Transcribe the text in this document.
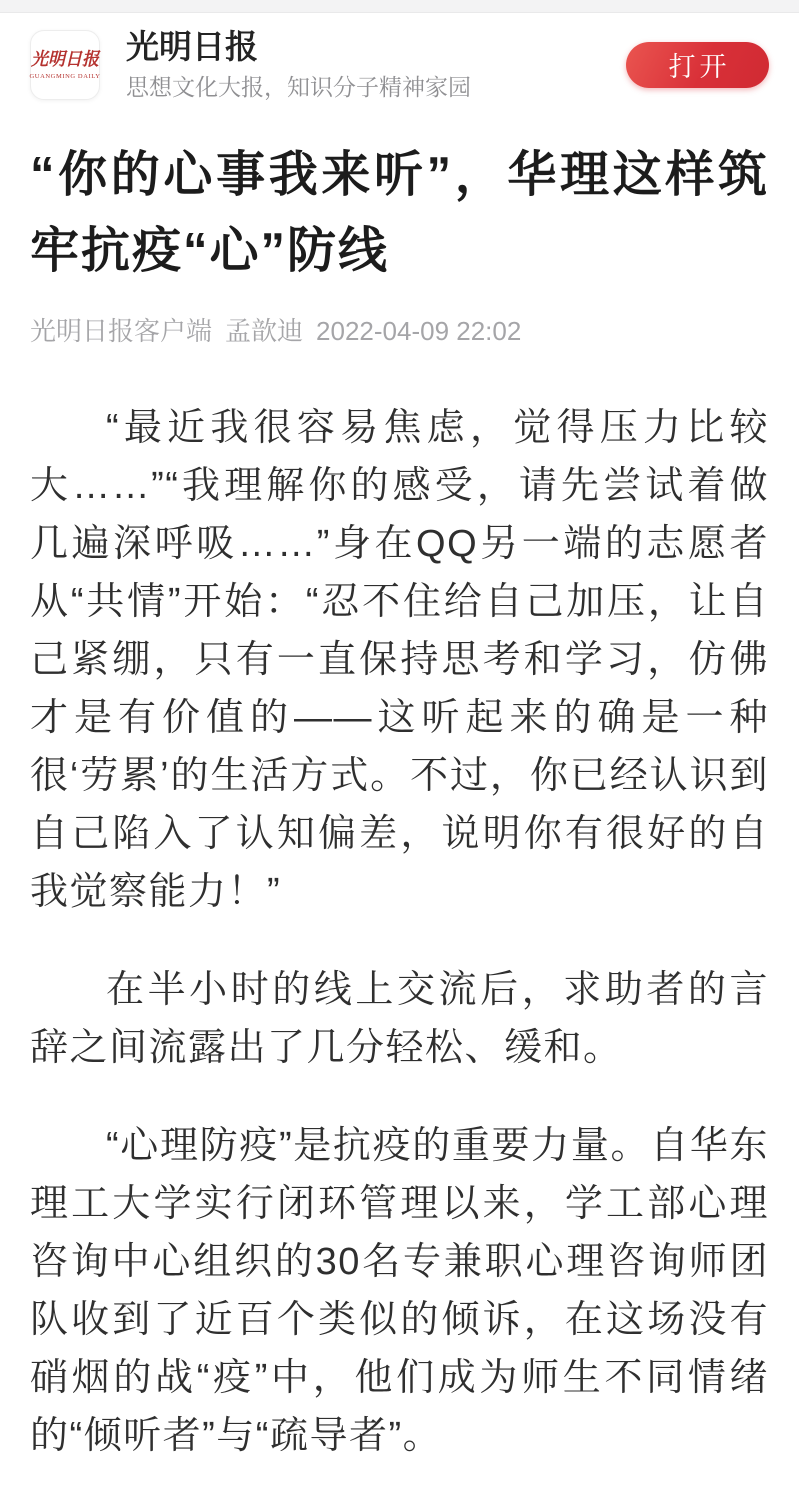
光明日报
GUANGMING DAILY
光明日报
思想文化大报，知识分子精神家园
打开
“你的心事我来听”，华理这样筑牢抗疫“心”防线
光明日报客户端 孟歆迪 2022-04-09 22:02

“最近我很容易焦虑，觉得压力比较大……”“我理解你的感受，请先尝试着做几遍深呼吸……”身在QQ另一端的志愿者从“共情”开始：“忍不住给自己加压，让自己紧绷，只有一直保持思考和学习，仿佛才是有价值的——这听起来的确是一种很‘劳累’的生活方式。不过，你已经认识到自己陷入了认知偏差，说明你有很好的自我觉察能力！”

在半小时的线上交流后，求助者的言辞之间流露出了几分轻松、缓和。

“心理防疫”是抗疫的重要力量。自华东理工大学实行闭环管理以来，学工部心理咨询中心组织的30名专兼职心理咨询师团队收到了近百个类似的倾诉，在这场没有硝烟的战“疫”中，他们成为师生不同情绪的“倾听者”与“疏导者”。
